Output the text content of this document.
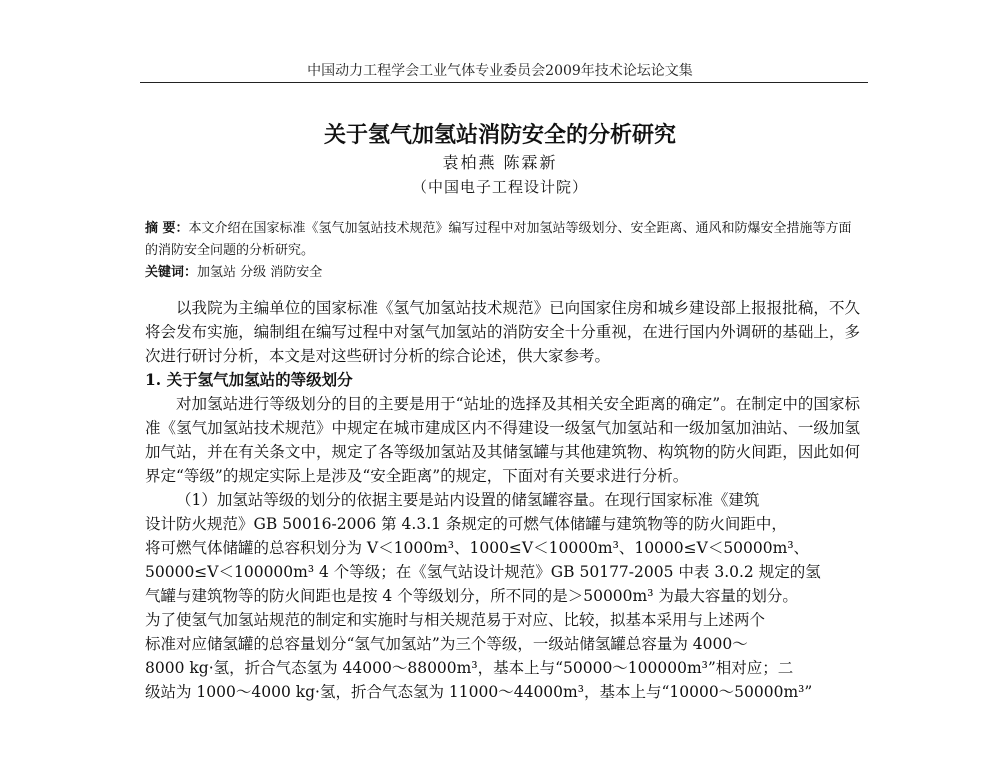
中国动力工程学会工业气体专业委员会2009年技术论坛论文集
关于氢气加氢站消防安全的分析研究
袁柏燕 陈霖新
（中国电子工程设计院）
摘 要：本文介绍在国家标准《氢气加氢站技术规范》编写过程中对加氢站等级划分、安全距离、通风和防爆安全措施等方面的消防安全问题的分析研究。
关键词：加氢站 分级 消防安全

以我院为主编单位的国家标准《氢气加氢站技术规范》已向国家住房和城乡建设部上报报批稿，不久将会发布实施，编制组在编写过程中对氢气加氢站的消防安全十分重视，在进行国内外调研的基础上，多次进行研讨分析，本文是对这些研讨分析的综合论述，供大家参考。

1. 关于氢气加氢站的等级划分

对加氢站进行等级划分的目的主要是用于“站址的选择及其相关安全距离的确定”。在制定中的国家标准《氢气加氢站技术规范》中规定在城市建成区内不得建设一级氢气加氢站和一级加氢加油站、一级加氢加气站，并在有关条文中，规定了各等级加氢站及其储氢罐与其他建筑物、构筑物的防火间距，因此如何界定“等级”的规定实际上是涉及“安全距离”的规定，下面对有关要求进行分析。

（1）加氢站等级的划分的依据主要是站内设置的储氢罐容量。在现行国家标准《建筑

设计防火规范》GB 50016-2006 第 4.3.1 条规定的可燃气体储罐与建筑物等的防火间距中，

将可燃气体储罐的总容积划分为 V＜1000m³、1000≤V＜10000m³、10000≤V＜50000m³、

50000≤V＜100000m³ 4 个等级；在《氢气站设计规范》GB 50177-2005 中表 3.0.2 规定的氢

气罐与建筑物等的防火间距也是按 4 个等级划分，所不同的是＞50000m³ 为最大容量的划分。

为了使氢气加氢站规范的制定和实施时与相关规范易于对应、比较，拟基本采用与上述两个

标准对应储氢罐的总容量划分“氢气加氢站”为三个等级，一级站储氢罐总容量为 4000～

8000 kg·氢，折合气态氢为 44000～88000m³，基本上与“50000～100000m³”相对应；二

级站为 1000～4000 kg·氢，折合气态氢为 11000～44000m³，基本上与“10000～50000m³”
